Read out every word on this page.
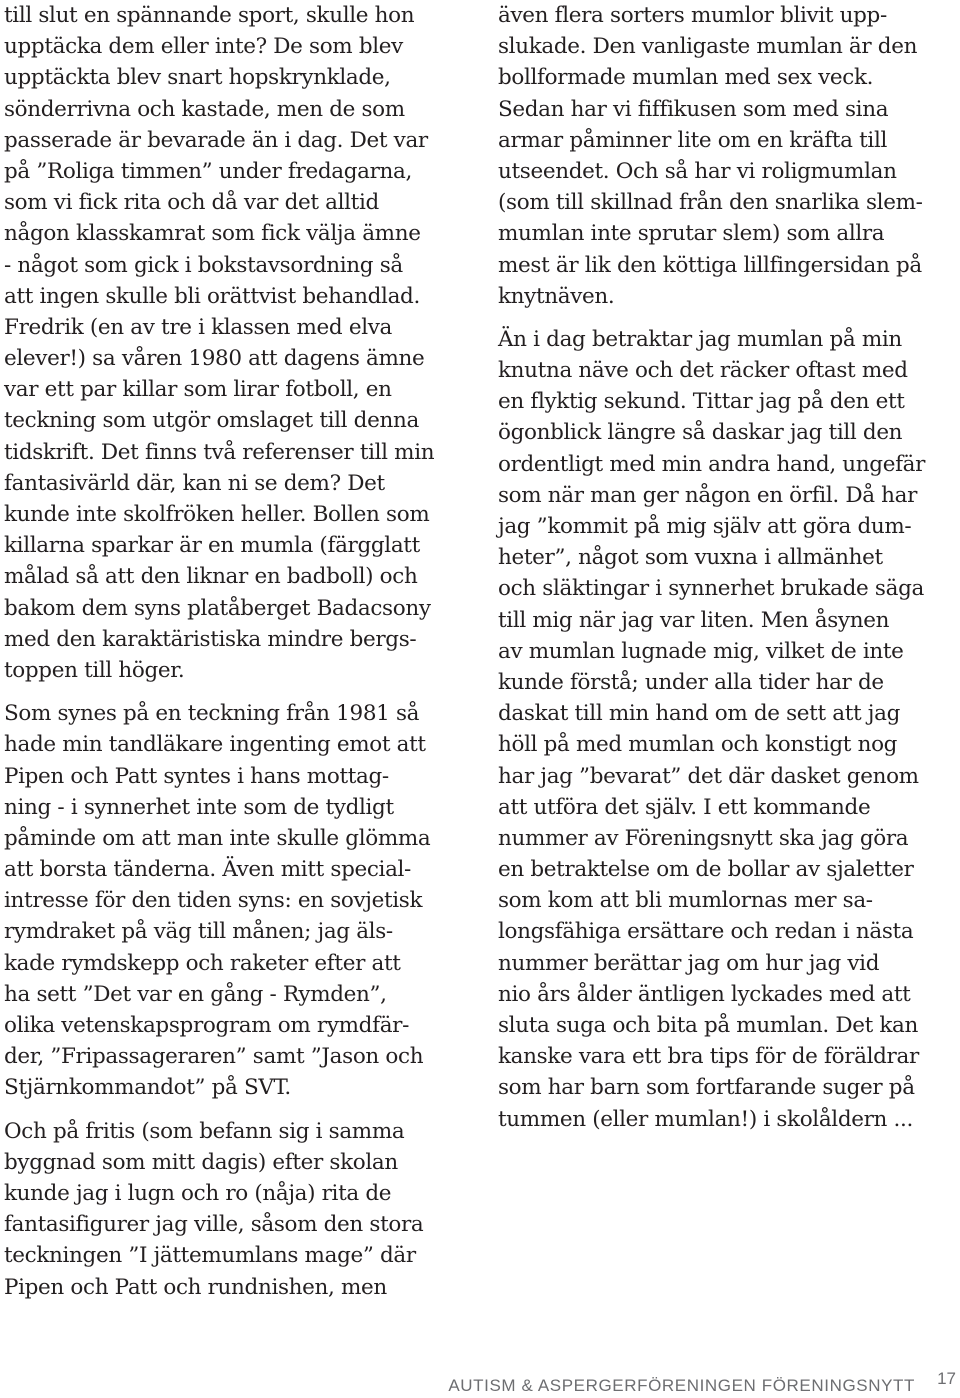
till slut en spännande sport, skulle hon
upptäcka dem eller inte? De som blev
upptäckta blev snart hopskrynklade,
sönderrivna och kastade, men de som
passerade är bevarade än i dag. Det var
på ”Roliga timmen” under fredagarna,
som vi fick rita och då var det alltid
någon klasskamrat som fick välja ämne
- något som gick i bokstavsordning så
att ingen skulle bli orättvist behandlad.
Fredrik (en av tre i klassen med elva
elever!) sa våren 1980 att dagens ämne
var ett par killar som lirar fotboll, en
teckning som utgör omslaget till denna
tidskrift. Det finns två referenser till min
fantasivärld där, kan ni se dem? Det
kunde inte skolfröken heller. Bollen som
killarna sparkar är en mumla (färgglatt
målad så att den liknar en badboll) och
bakom dem syns platåberget Badacsony
med den karaktäristiska mindre bergs-
toppen till höger.
Som synes på en teckning från 1981 så
hade min tandläkare ingenting emot att
Pipen och Patt syntes i hans mottag-
ning - i synnerhet inte som de tydligt
påminde om att man inte skulle glömma
att borsta tänderna. Även mitt special-
intresse för den tiden syns: en sovjetisk
rymdraket på väg till månen; jag äls-
kade rymdskepp och raketer efter att
ha sett ”Det var en gång - Rymden”,
olika vetenskapsprogram om rymdfär-
der, ”Fripassageraren” samt ”Jason och
Stjärnkommandot” på SVT.
Och på fritis (som befann sig i samma
byggnad som mitt dagis) efter skolan
kunde jag i lugn och ro (nåja) rita de
fantasifigurer jag ville, såsom den stora
teckningen ”I jättemumlans mage” där
Pipen och Patt och rundnishen, men
även flera sorters mumlor blivit upp-
slukade. Den vanligaste mumlan är den
bollformade mumlan med sex veck.
Sedan har vi fiffikusen som med sina
armar påminner lite om en kräfta till
utseendet. Och så har vi roligmumlan
(som till skillnad från den snarlika slem-
mumlan inte sprutar slem) som allra
mest är lik den köttiga lillfingersidan på
knytnäven.
Än i dag betraktar jag mumlan på min
knutna näve och det räcker oftast med
en flyktig sekund. Tittar jag på den ett
ögonblick längre så daskar jag till den
ordentligt med min andra hand, ungefär
som när man ger någon en örfil. Då har
jag ”kommit på mig själv att göra dum-
heter”, något som vuxna i allmänhet
och släktingar i synnerhet brukade säga
till mig när jag var liten. Men åsynen
av mumlan lugnade mig, vilket de inte
kunde förstå; under alla tider har de
daskat till min hand om de sett att jag
höll på med mumlan och konstigt nog
har jag ”bevarat” det där dasket genom
att utföra det själv. I ett kommande
nummer av Föreningsnytt ska jag göra
en betraktelse om de bollar av sjaletter
som kom att bli mumlornas mer sa-
longsfähiga ersättare och redan i nästa
nummer berättar jag om hur jag vid
nio års ålder äntligen lyckades med att
sluta suga och bita på mumlan. Det kan
kanske vara ett bra tips för de föräldrar
som har barn som fortfarande suger på
tummen (eller mumlan!) i skolåldern ...
AUTISM & ASPERGERFÖRENINGEN FÖRENINGSNYTT 17
